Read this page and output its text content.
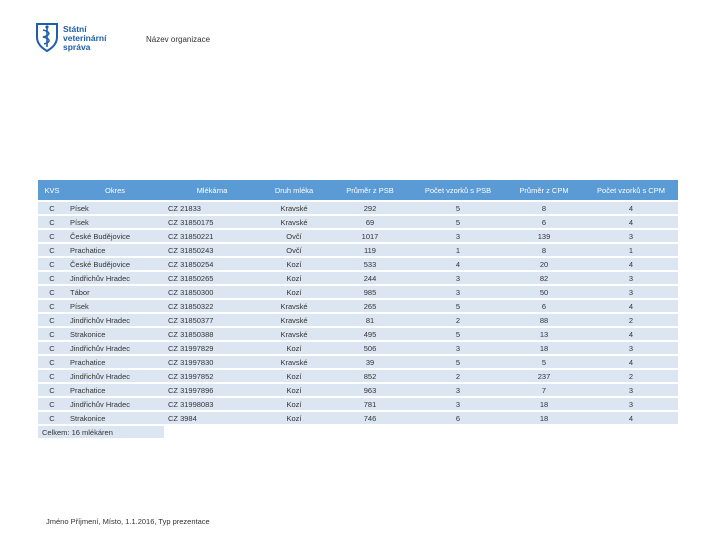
Státní
veterinární
správa
Název organizace
KVS	Okres	Mlékárna	Druh mléka	Průměr z PSB	Počet vzorků s PSB	Průměr z CPM	Počet vzorků s CPM
C	Písek	CZ 21833	Kravské	292	5	8	4
C	Písek	CZ 31850175	Kravské	69	5	6	4
C	České Budějovice	CZ 31850221	Ovčí	1017	3	139	3
C	Prachatice	CZ 31850243	Ovčí	119	1	8	1
C	České Budějovice	CZ 31850254	Kozí	533	4	20	4
C	Jindřichův Hradec	CZ 31850265	Kozí	244	3	82	3
C	Tábor	CZ 31850300	Kozí	985	3	50	3
C	Písek	CZ 31850322	Kravské	265	5	6	4
C	Jindřichův Hradec	CZ 31850377	Kravské	81	2	88	2
C	Strakonice	CZ 31850388	Kravské	495	5	13	4
C	Jindřichův Hradec	CZ 31997829	Kozí	506	3	18	3
C	Prachatice	CZ 31997830	Kravské	39	5	5	4
C	Jindřichův Hradec	CZ 31997852	Kozí	852	2	237	2
C	Prachatice	CZ 31997896	Kozí	963	3	7	3
C	Jindřichův Hradec	CZ 31998083	Kozí	781	3	18	3
C	Strakonice	CZ 3984	Kozí	746	6	18	4
Celkem: 16 mlékáren							
Jméno Příjmení, Místo, 1.1.2016, Typ prezentace
